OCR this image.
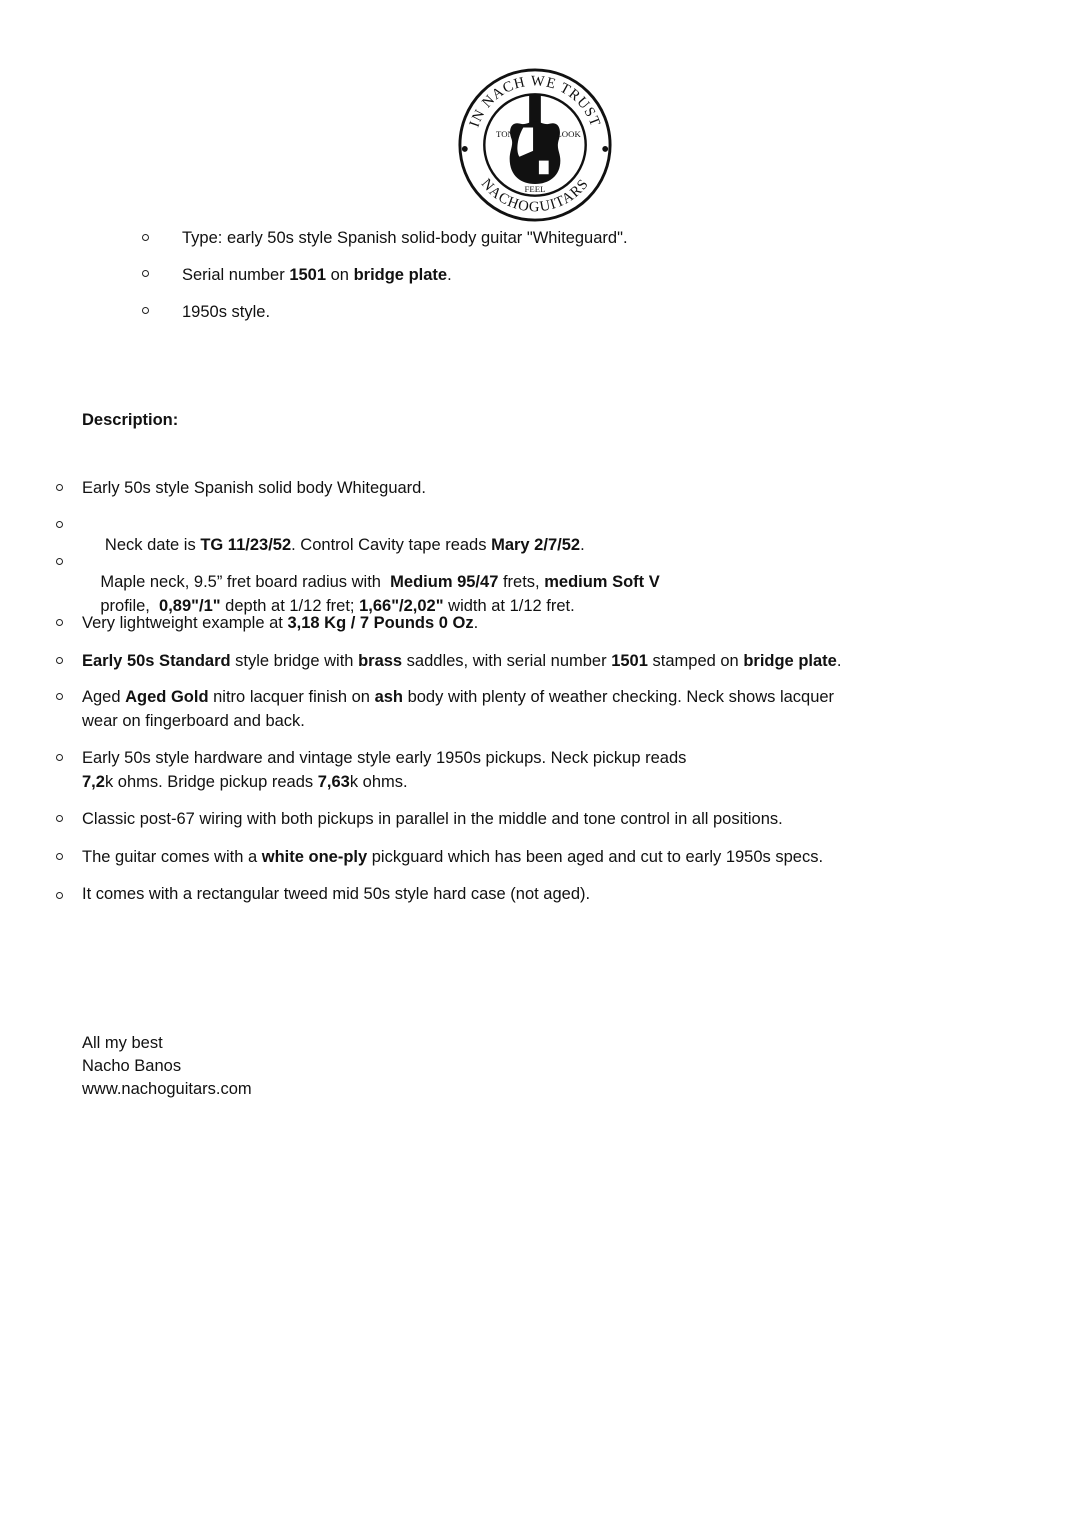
IN NACH WE TRUST
NACHOGUITARS
TONE	LOOK
FEEL
Type: early 50s style Spanish solid-body guitar "Whiteguard".
Serial number 1501 on bridge plate.
1950s style.
Description:
Early 50s style Spanish solid body Whiteguard.

Neck date is TG 11/23/52. Control Cavity tape reads Mary 2/7/52.

Maple neck, 9.5” fret board radius with  Medium 95/47 frets, medium Soft V

profile,  0,89"/1" depth at 1/12 fret; 1,66"/2,02" width at 1/12 fret.

Very lightweight example at 3,18 Kg / 7 Pounds 0 Oz.
Early 50s Standard style bridge with brass saddles, with serial number 1501 stamped on bridge plate.
Aged Aged Gold nitro lacquer finish on ash body with plenty of weather checking. Neck shows lacquer
wear on fingerboard and back.
Early 50s style hardware and vintage style early 1950s pickups. Neck pickup reads
7,2k ohms. Bridge pickup reads 7,63k ohms.
Classic post-67 wiring with both pickups in parallel in the middle and tone control in all positions.
The guitar comes with a white one-ply pickguard which has been aged and cut to early 1950s specs.
It comes with a rectangular tweed mid 50s style hard case (not aged).
All my best
Nacho Banos
www.nachoguitars.com
